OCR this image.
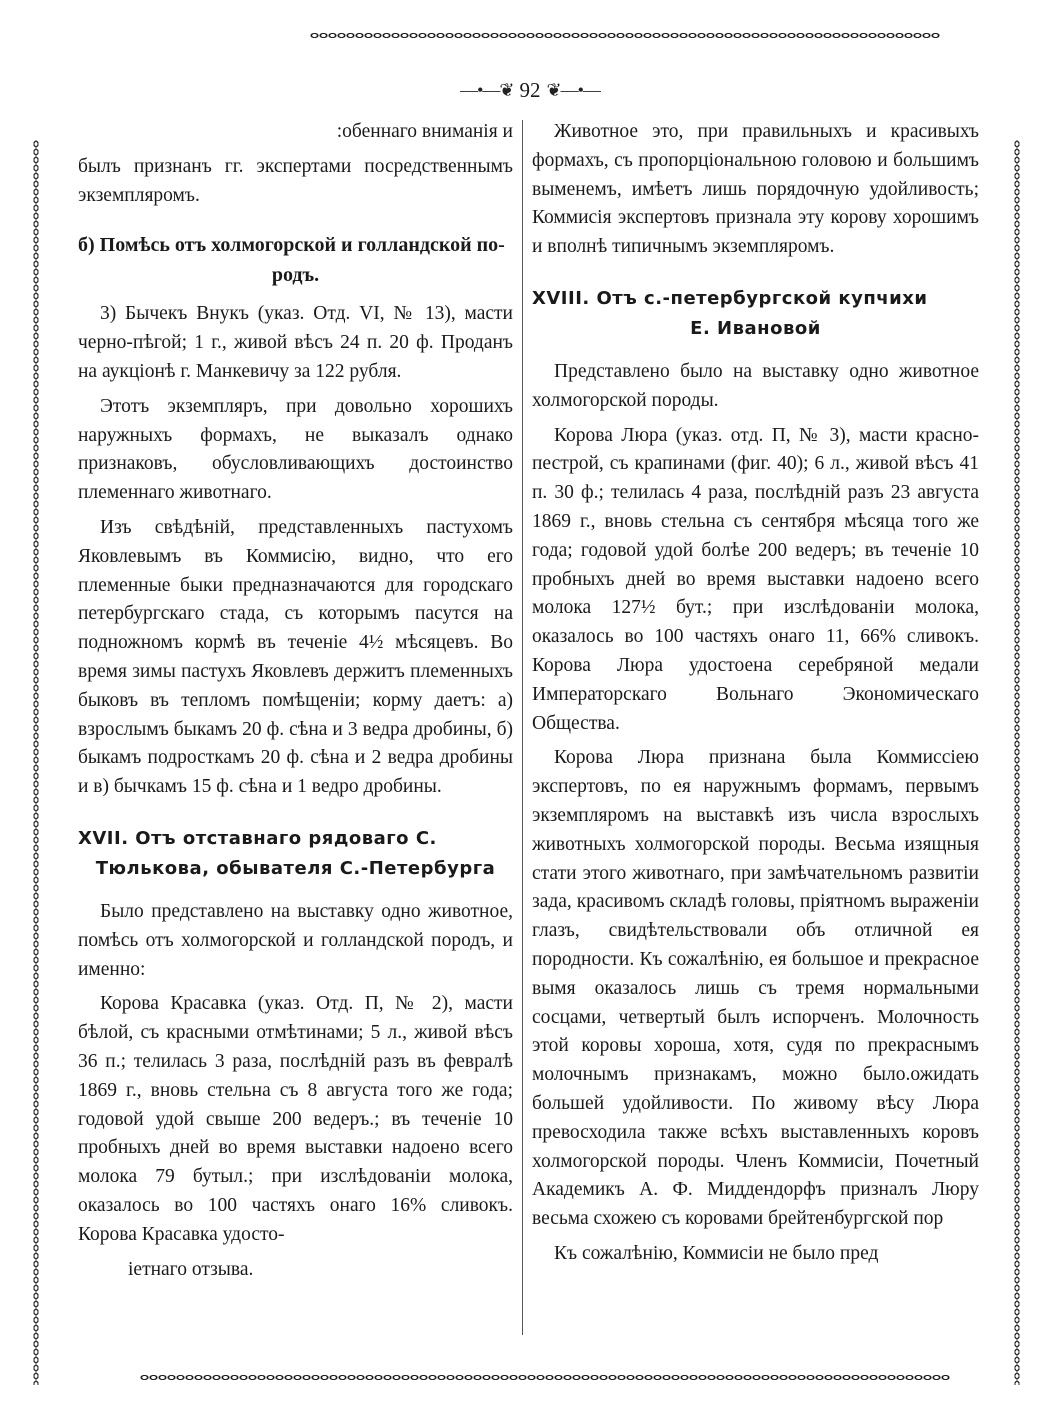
—•—❦ 92 ❦—•—

:обеннаго вниманія и

былъ признанъ гг. экспертами посредственнымъ экземпляромъ.

б) Помѣсь отъ холмогорской и голландской по-
родъ.

3) Бычекъ Внукъ (указ. Отд. VI, № 13), масти черно-пѣгой; 1 г., живой вѣсъ 24 п. 20 ф. Проданъ на аукціонѣ г. Манкевичу за 122 рубля.

Этотъ экземпляръ, при довольно хорошихъ наружныхъ формахъ, не выказалъ однако признаковъ, обусловливающихъ достоинство племеннаго животнаго.

Изъ свѣдѣній, представленныхъ пастухомъ Яковлевымъ въ Коммисію, видно, что его племенные быки предназначаются для городскаго петербургскаго стада, съ которымъ пасутся на подножномъ кормѣ въ теченіе 4½ мѣсяцевъ. Во время зимы пастухъ Яковлевъ держитъ племенныхъ быковъ въ тепломъ помѣщеніи; корму даетъ: а) взрослымъ быкамъ 20 ф. сѣна и 3 ведра дробины, б) быкамъ подросткамъ 20 ф. сѣна и 2 ведра дробины и в) бычкамъ 15 ф. сѣна и 1 ведро дробины.

XVII. Отъ отставнаго рядоваго С.
Тюлькова, обывателя С.-Петербурга

Было представлено на выставку одно животное, помѣсь отъ холмогорской и голландской породъ, и именно:

Корова Красавка (указ. Отд. П, № 2), масти бѣлой, съ красными отмѣтинами; 5 л., живой вѣсъ 36 п.; телилась 3 раза, послѣдній разъ въ февралѣ 1869 г., вновь стельна съ 8 августа того же года; годовой удой свыше 200 ведеръ.; въ теченіе 10 пробныхъ дней во время выставки надоено всего молока 79 бутыл.; при изслѣдованіи молока, оказалось во 100 частяхъ онаго 16% сливокъ. Корова Красавка удосто-

іетнаго отзыва.

Животное это, при правильныхъ и красивыхъ формахъ, съ пропорціональною головою и большимъ выменемъ, имѣетъ лишь порядочную удойливость; Коммисія экспертовъ признала эту корову хорошимъ и вполнѣ типичнымъ экземпляромъ.

XVIII. Отъ с.-петербургской купчихи
Е. Ивановой

Представлено было на выставку одно животное холмогорской породы.

Корова Люра (указ. отд. П, № 3), масти красно-пестрой, съ крапинами (фиг. 40); 6 л., живой вѣсъ 41 п. 30 ф.; телилась 4 раза, послѣдній разъ 23 августа 1869 г., вновь стельна съ сентября мѣсяца того же года; годовой удой болѣе 200 ведеръ; въ теченіе 10 пробныхъ дней во время выставки надоено всего молока 127½ бут.; при изслѣдованіи молока, оказалось во 100 частяхъ онаго 11, 66% сливокъ. Корова Люра удостоена серебряной медали Императорскаго Вольнаго Экономическаго Общества.

Корова Люра признана была Коммиссіею экспертовъ, по ея наружнымъ формамъ, первымъ экземпляромъ на выставкѣ изъ числа взрослыхъ животныхъ холмогорской породы. Весьма изящныя стати этого животнаго, при замѣчательномъ развитіи зада, красивомъ складѣ головы, пріятномъ выраженіи глазъ, свидѣтельствовали объ отличной ея породности. Къ сожалѣнію, ея большое и прекрасное вымя оказалось лишь съ тремя нормальными сосцами, четвертый былъ испорченъ. Молочность этой коровы хороша, хотя, судя по прекраснымъ молочнымъ признакамъ, можно было.ожидать большей удойливости. По живому вѣсу Люра превосходила также всѣхъ выставленныхъ коровъ холмогорской породы. Членъ Коммисіи, Почетный Академикъ А. Ф. Миддендорфъ призналъ Люру весьма схожею съ коровами брейтенбургской пор

Къ сожалѣнію, Коммисіи не было пред
